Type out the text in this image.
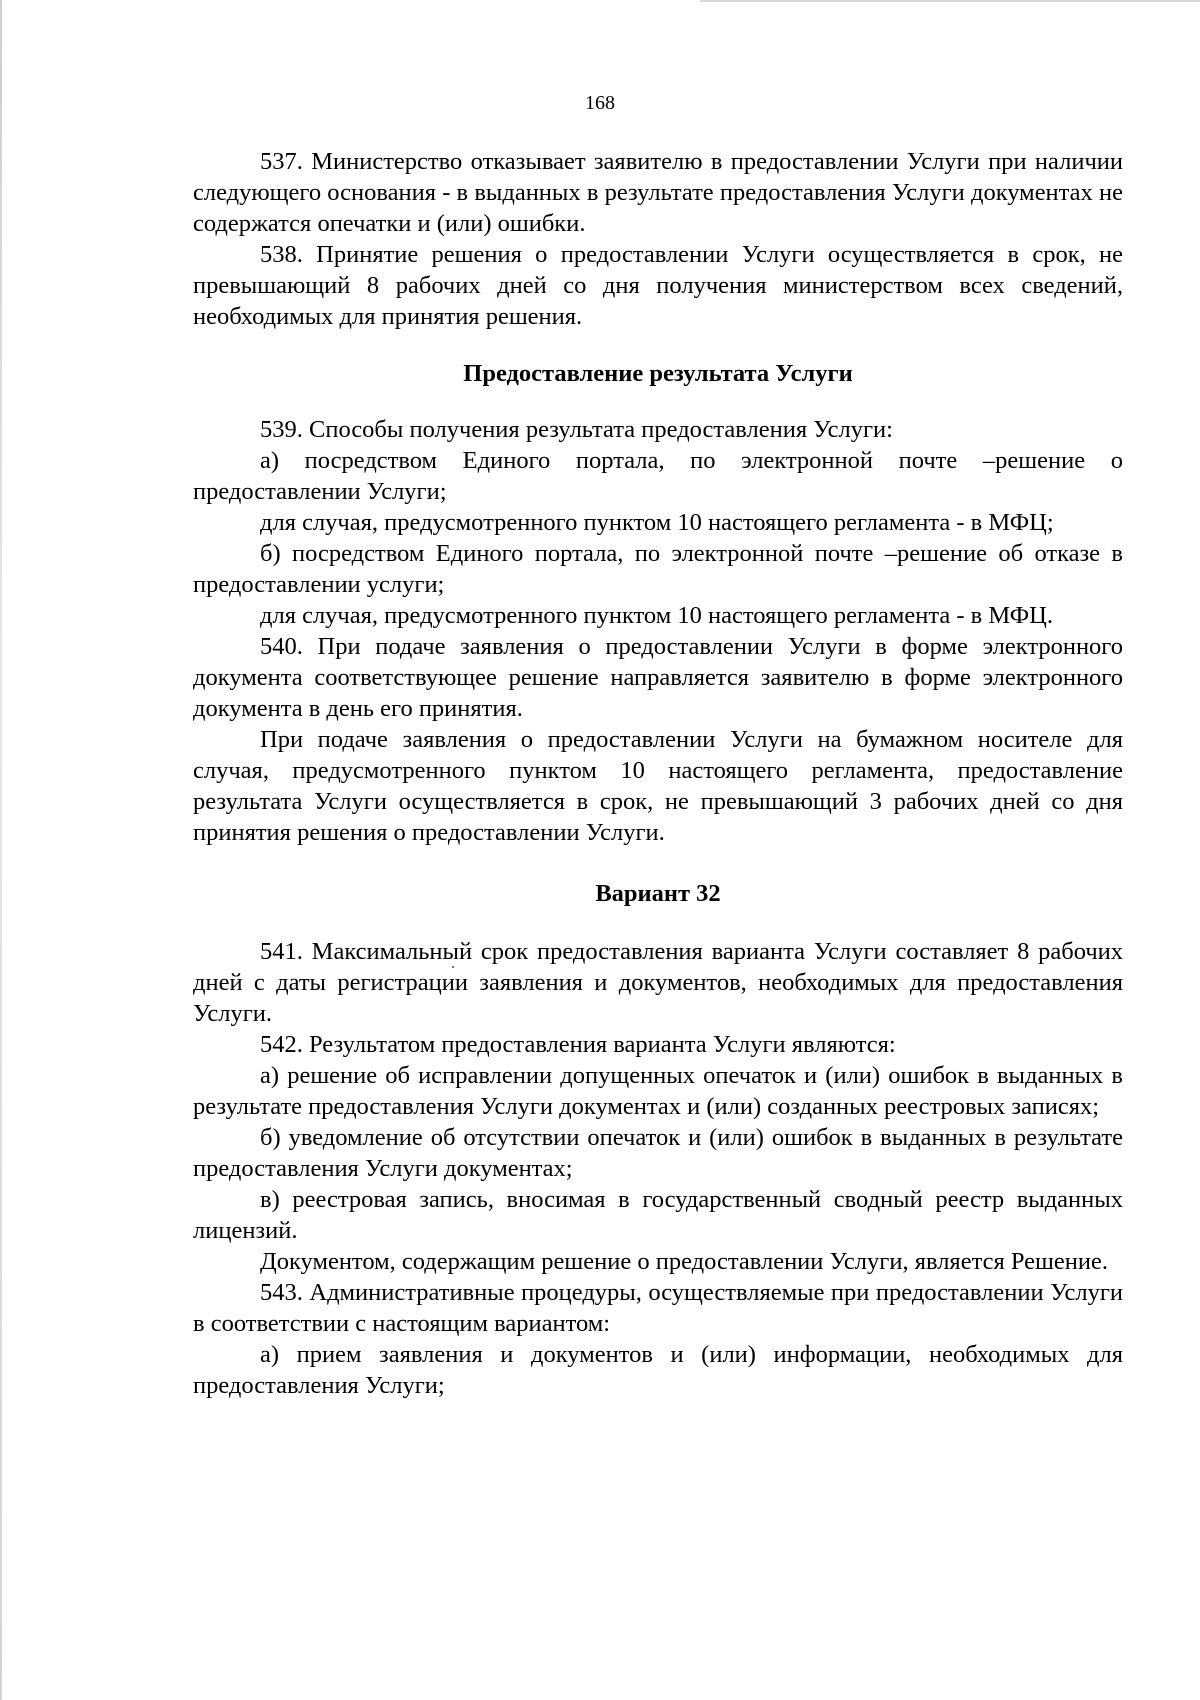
168

537. Министерство отказывает заявителю в предоставлении Услуги при наличии следующего основания - в выданных в результате предоставления Услуги документах не содержатся опечатки и (или) ошибки.

538. Принятие решения о предоставлении Услуги осуществляется в срок, не превышающий 8 рабочих дней со дня получения министерством всех сведений, необходимых для принятия решения.

Предоставление результата Услуги

539. Способы получения результата предоставления Услуги:

а) посредством Единого портала, по электронной почте –решение о предоставлении Услуги;

для случая, предусмотренного пунктом 10 настоящего регламента - в МФЦ;

б) посредством Единого портала, по электронной почте –решение об отказе в предоставлении услуги;

для случая, предусмотренного пунктом 10 настоящего регламента - в МФЦ.

540. При подаче заявления о предоставлении Услуги в форме электронного документа соответствующее решение направляется заявителю в форме электронного документа в день его принятия.

При подаче заявления о предоставлении Услуги на бумажном носителе для случая, предусмотренного пунктом 10 настоящего регламента, предоставление результата Услуги осуществляется в срок, не превышающий 3 рабочих дней со дня принятия решения о предоставлении Услуги.

Вариант 32

541. Максимальный срок предоставления варианта Услуги составляет 8 рабочих дней с даты регистрации заявления и документов, необходимых для предоставления Услуги.

542. Результатом предоставления варианта Услуги являются:

а) решение об исправлении допущенных опечаток и (или) ошибок в выданных в результате предоставления Услуги документах и (или) созданных реестровых записях;

б) уведомление об отсутствии опечаток и (или) ошибок в выданных в результате предоставления Услуги документах;

в) реестровая запись, вносимая в государственный сводный реестр выданных лицензий.

Документом, содержащим решение о предоставлении Услуги, является Решение.

543. Административные процедуры, осуществляемые при предоставлении Услуги в соответствии с настоящим вариантом:

а) прием заявления и документов и (или) информации, необходимых для предоставления Услуги;
